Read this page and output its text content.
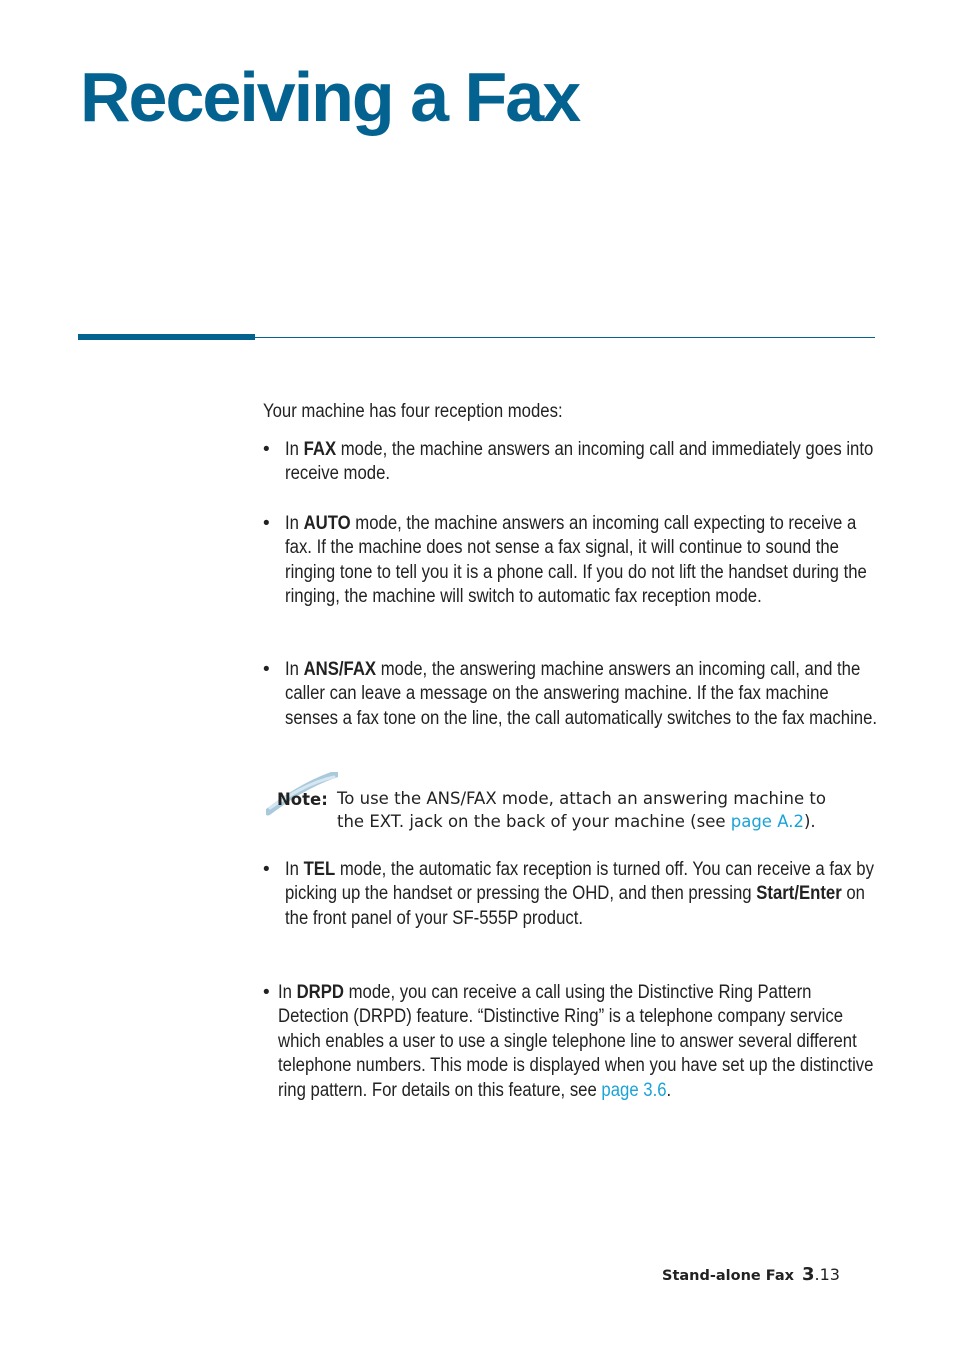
Receiving a Fax
Your machine has four reception modes:
• In FAX mode, the machine answers an incoming call and immediately goes into receive mode.
• In AUTO mode, the machine answers an incoming call expecting to receive a fax. If the machine does not sense a fax signal, it will continue to sound the ringing tone to tell you it is a phone call. If you do not lift the handset during the ringing, the machine will switch to automatic fax reception mode.
• In ANS/FAX mode, the answering machine answers an incoming call, and the caller can leave a message on the answering machine. If the fax machine senses a fax tone on the line, the call automatically switches to the fax machine.
Note: To use the ANS/FAX mode, attach an answering machine to
the EXT. jack on the back of your machine (see page A.2).
• In TEL mode, the automatic fax reception is turned off. You can receive a fax by picking up the handset or pressing the OHD, and then pressing Start/Enter on the front panel of your SF-555P product.
• In DRPD mode, you can receive a call using the Distinctive Ring Pattern Detection (DRPD) feature. “Distinctive Ring” is a telephone company service which enables a user to use a single telephone line to answer several different telephone numbers. This mode is displayed when you have set up the distinctive ring pattern. For details on this feature, see page 3.6.
Stand-alone Fax 3.13
